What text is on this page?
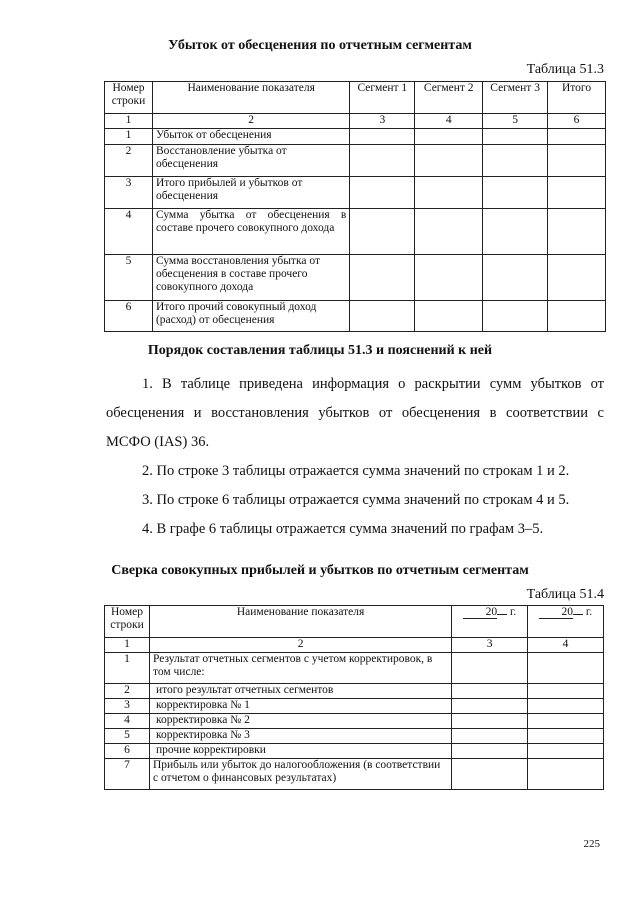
Убыток от обесценения по отчетным сегментам
Таблица 51.3
Номер строки	Наименование показателя	Сегмент 1	Сегмент 2	Сегмент 3	Итого
1	2	3	4	5	6
1	Убыток от обесценения				
2	Восстановление убытка от обесценения				
3	Итого прибылей и убытков от обесценения				
4	Сумма убытка от обесценения в составе прочего совокупного дохода				
5	Сумма восстановления убытка от обесценения в составе прочего совокупного дохода				
6	Итого прочий совокупный доход (расход) от обесценения				
Порядок составления таблицы 51.3 и пояснений к ней

1. В таблице приведена информация о раскрытии сумм убытков от обесценения и восстановления убытков от обесценения в соответствии с МСФО (IAS) 36.

2. По строке 3 таблицы отражается сумма значений по строкам 1 и 2.

3. По строке 6 таблицы отражается сумма значений по строкам 4 и 5.

4. В графе 6 таблицы отражается сумма значений по графам 3–5.

Сверка совокупных прибылей и убытков по отчетным сегментам
Таблица 51.4
Номер строки	Наименование показателя	20 г.	20 г.
1	2	3	4
1	Результат отчетных сегментов с учетом корректировок, в том числе:		
2	итого результат отчетных сегментов		
3	корректировка № 1		
4	корректировка № 2		
5	корректировка № 3		
6	прочие корректировки		
7	Прибыль или убыток до налогообложения (в соответствии с отчетом о финансовых результатах)		
225
